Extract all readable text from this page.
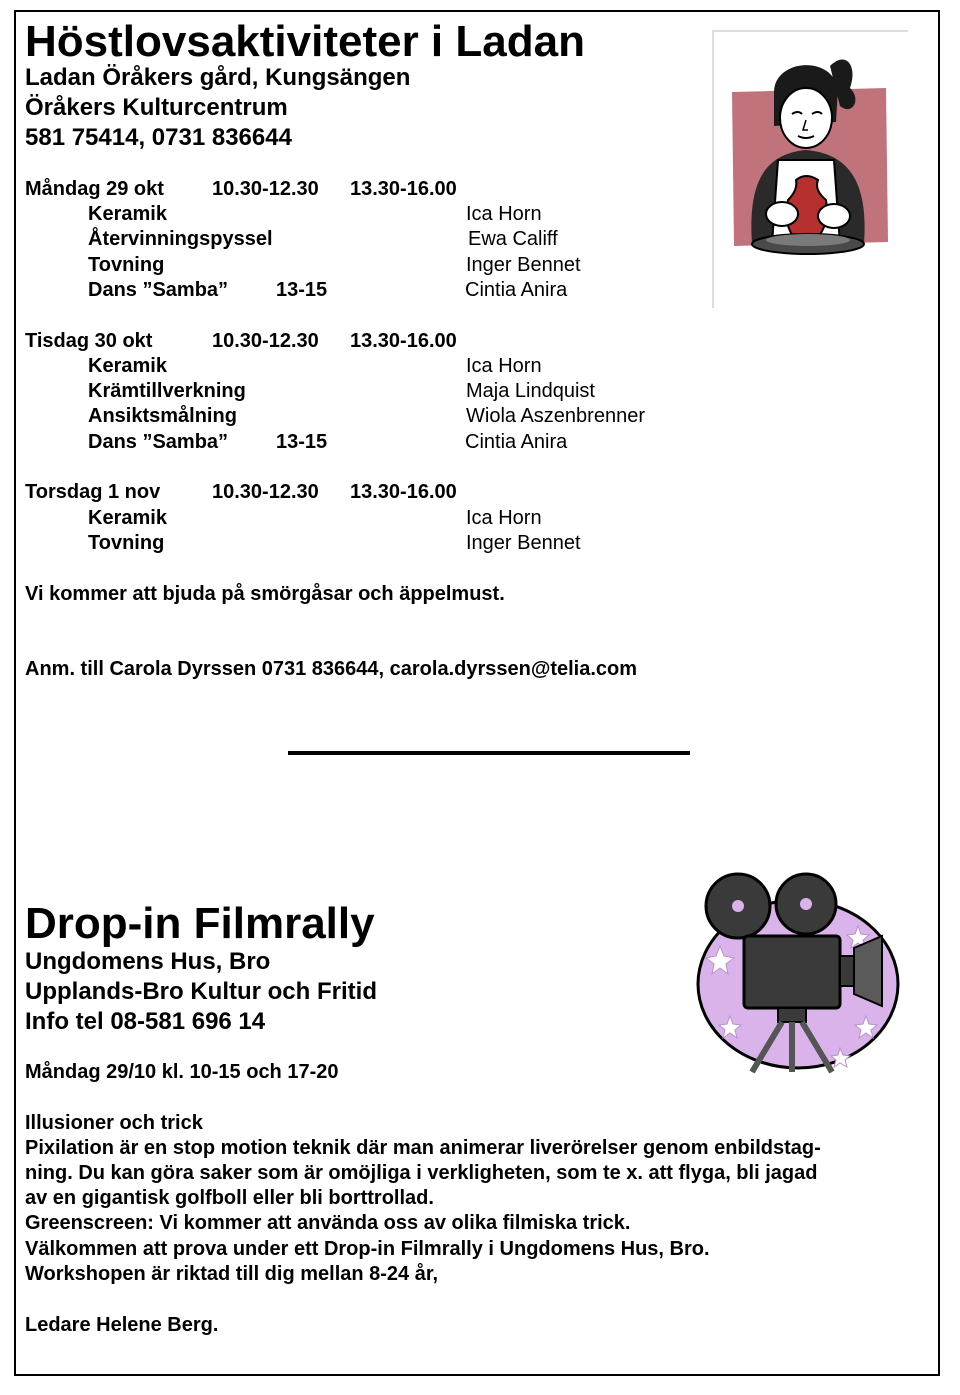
Höstlovsaktiviteter i Ladan
Ladan Öråkers gård, Kungsängen
Öråkers Kulturcentrum
581 75414, 0731 836644
Måndag 29 okt 10.30-12.30 13.30-16.00
Keramik	Ica Horn
Återvinningspyssel	Ewa Califf
Tovning	Inger Bennet
Dans ”Samba” 13-15	Cintia Anira
Tisdag 30 okt	10.30-12.30 13.30-16.00
Keramik	Ica Horn
Krämtillverkning	Maja Lindquist
Ansiktsmålning	Wiola Aszenbrenner
Dans ”Samba” 13-15	Cintia Anira
Torsdag 1 nov	10.30-12.30 13.30-16.00
Keramik	Ica Horn
Tovning	Inger Bennet
Vi kommer att bjuda på smörgåsar och äppelmust.
Anm. till Carola Dyrssen 0731 836644, carola.dyrssen@telia.com
Drop-in Filmrally
Ungdomens Hus, Bro
Upplands-Bro Kultur och Fritid
Info tel 08-581 696 14
Måndag 29/10 kl. 10-15 och 17-20
Illusioner och trick
Pixilation är en stop motion teknik där man animerar liverörelser genom enbildstag-
ning. Du kan göra saker som är omöjliga i verkligheten, som te x. att flyga, bli jagad
av en gigantisk golfboll eller bli borttrollad.
Greenscreen: Vi kommer att använda oss av olika filmiska trick.
Välkommen att prova under ett Drop-in Filmrally i Ungdomens Hus, Bro.
Workshopen är riktad till dig mellan 8-24 år,
Ledare Helene Berg.
